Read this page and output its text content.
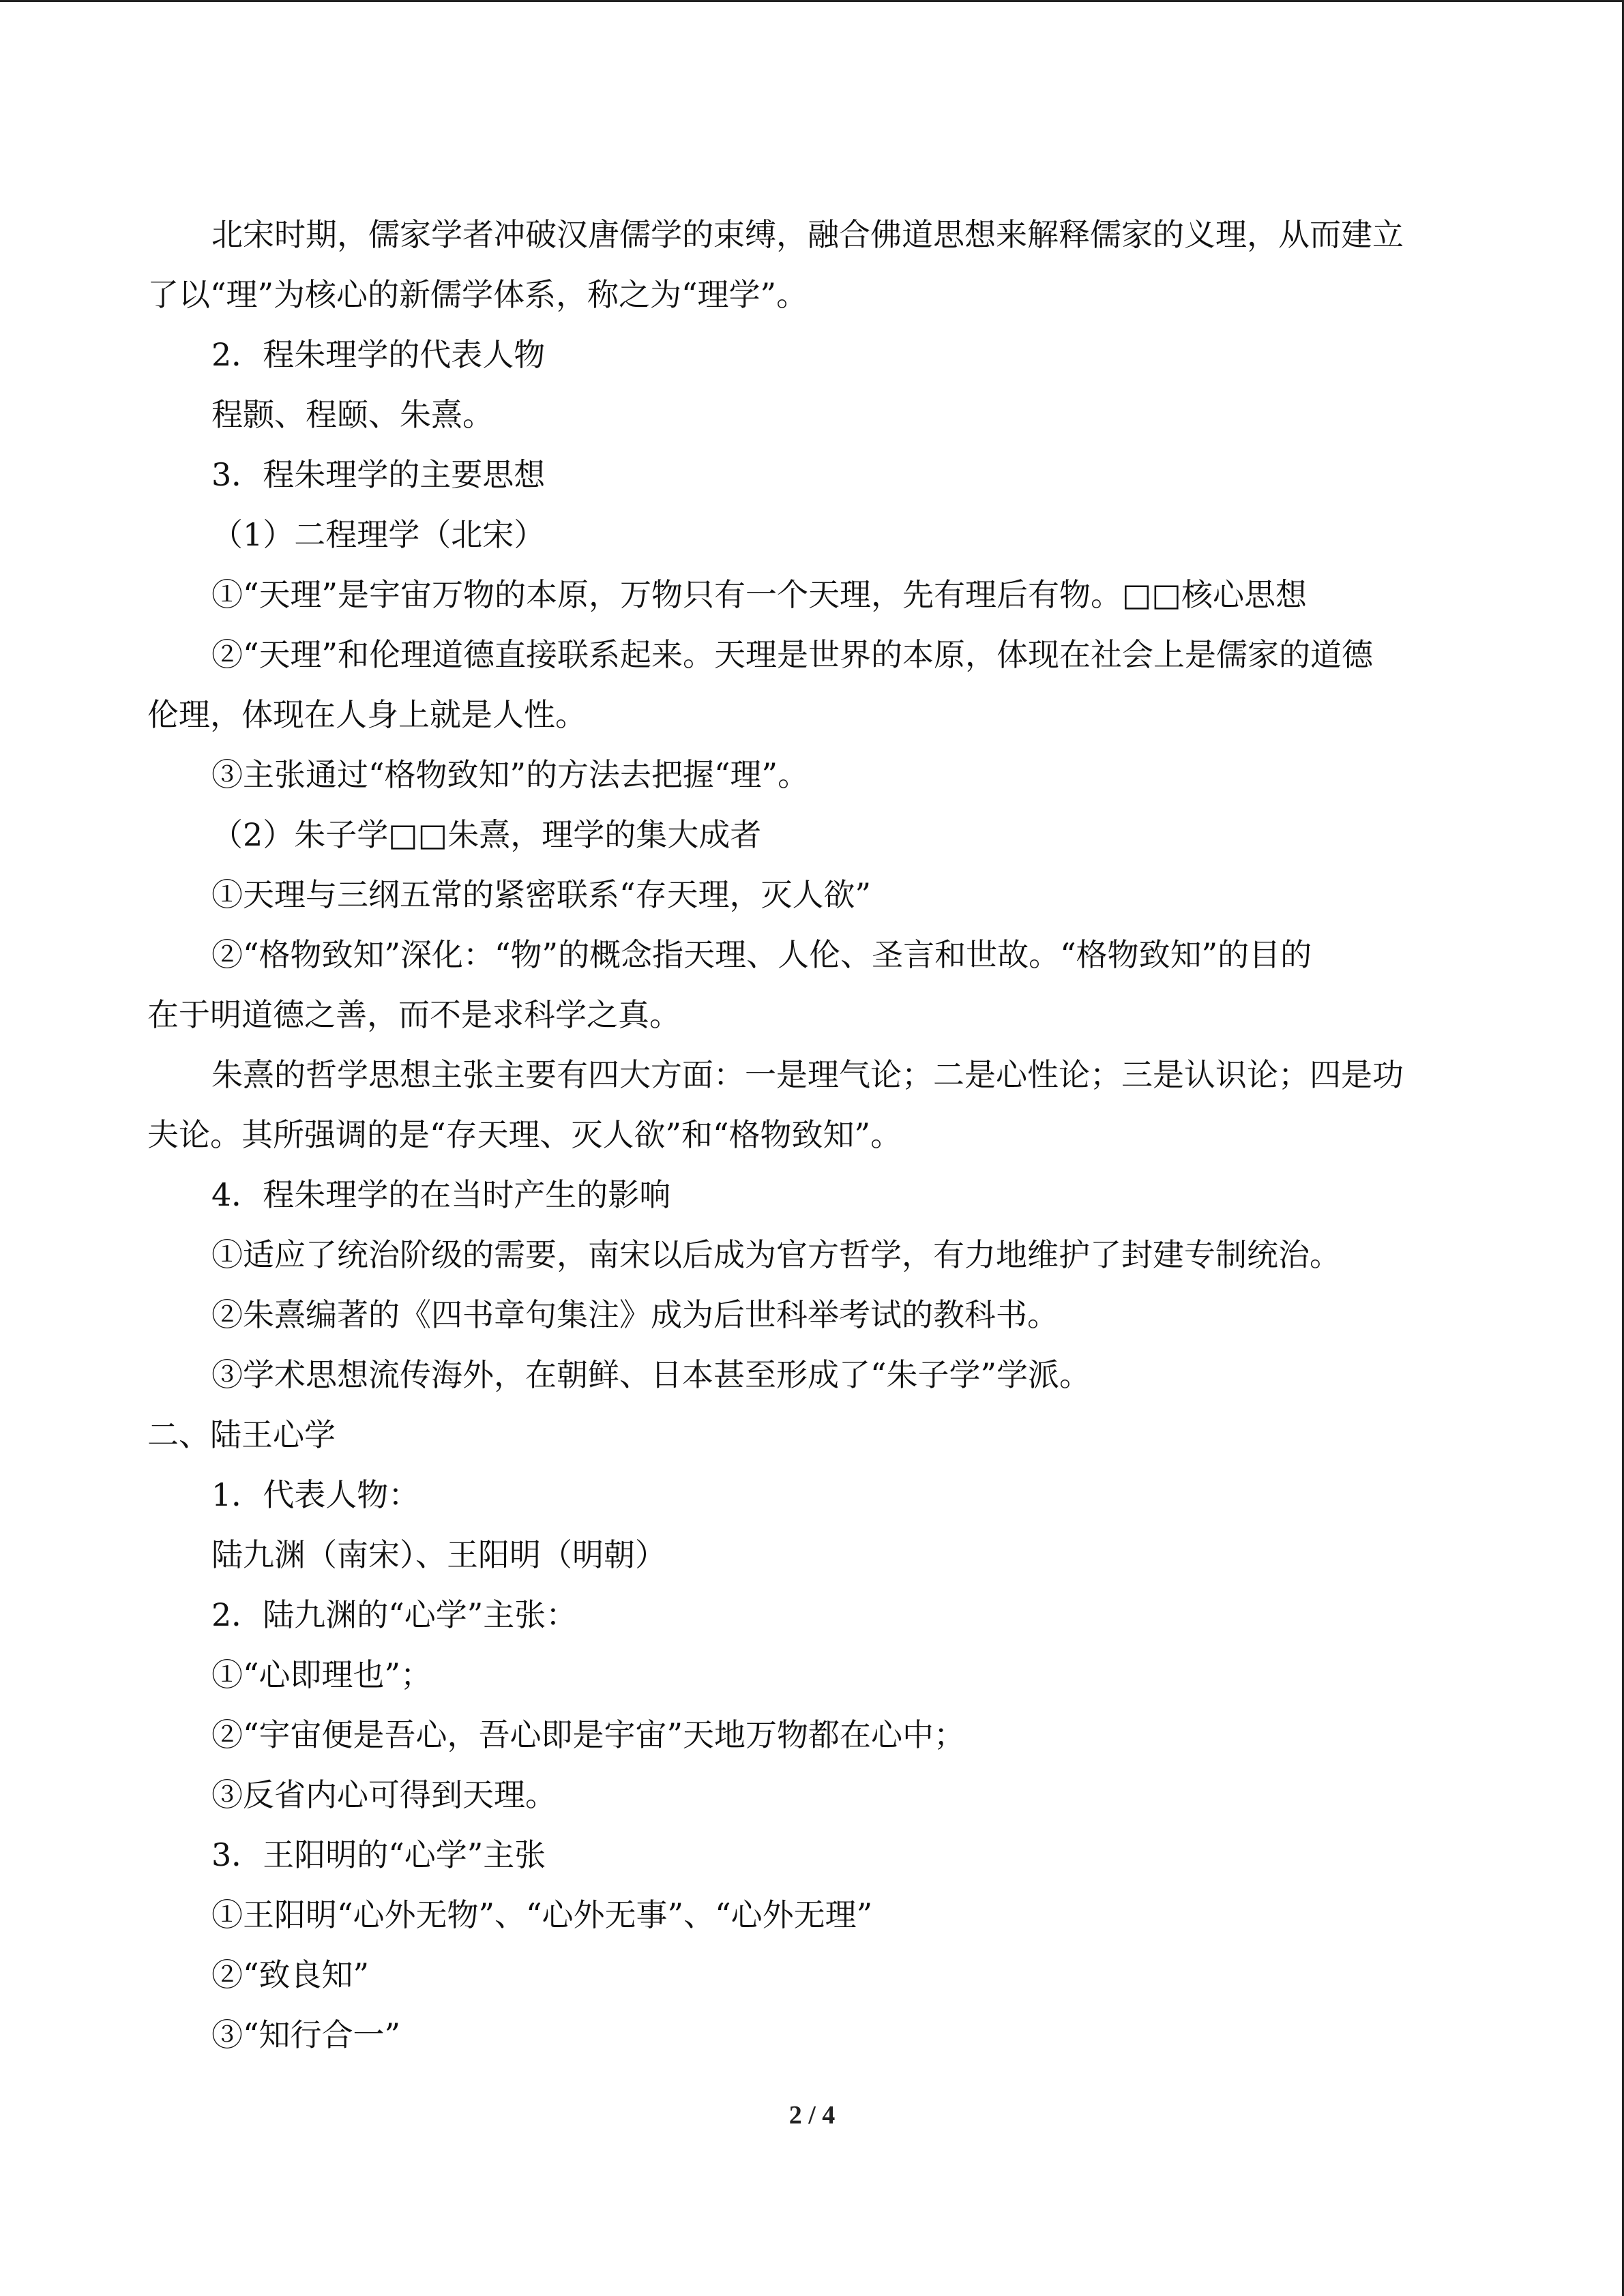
北宋时期，儒家学者冲破汉唐儒学的束缚，融合佛道思想来解释儒家的义理，从而建立
了以“理”为核心的新儒学体系，称之为“理学”。
2．程朱理学的代表人物
程颢、程颐、朱熹。
3．程朱理学的主要思想
（1）二程理学（北宋）
①“天理”是宇宙万物的本原，万物只有一个天理，先有理后有物。□□核心思想
②“天理”和伦理道德直接联系起来。天理是世界的本原，体现在社会上是儒家的道德
伦理，体现在人身上就是人性。
③主张通过“格物致知”的方法去把握“理”。
（2）朱子学□□朱熹，理学的集大成者
①天理与三纲五常的紧密联系“存天理，灭人欲”
②“格物致知”深化：“物”的概念指天理、人伦、圣言和世故。“格物致知”的目的
在于明道德之善，而不是求科学之真。
朱熹的哲学思想主张主要有四大方面：一是理气论；二是心性论；三是认识论；四是功
夫论。其所强调的是“存天理、灭人欲”和“格物致知”。
4．程朱理学的在当时产生的影响
①适应了统治阶级的需要，南宋以后成为官方哲学，有力地维护了封建专制统治。
②朱熹编著的《四书章句集注》成为后世科举考试的教科书。
③学术思想流传海外，在朝鲜、日本甚至形成了“朱子学”学派。
二、陆王心学
1．代表人物：
陆九渊（南宋）、王阳明（明朝）
2．陆九渊的“心学”主张：
①“心即理也”；
②“宇宙便是吾心，吾心即是宇宙”天地万物都在心中；
③反省内心可得到天理。
3．王阳明的“心学”主张
①王阳明“心外无物”、“心外无事”、“心外无理”
②“致良知”
③“知行合一”
2 / 4
